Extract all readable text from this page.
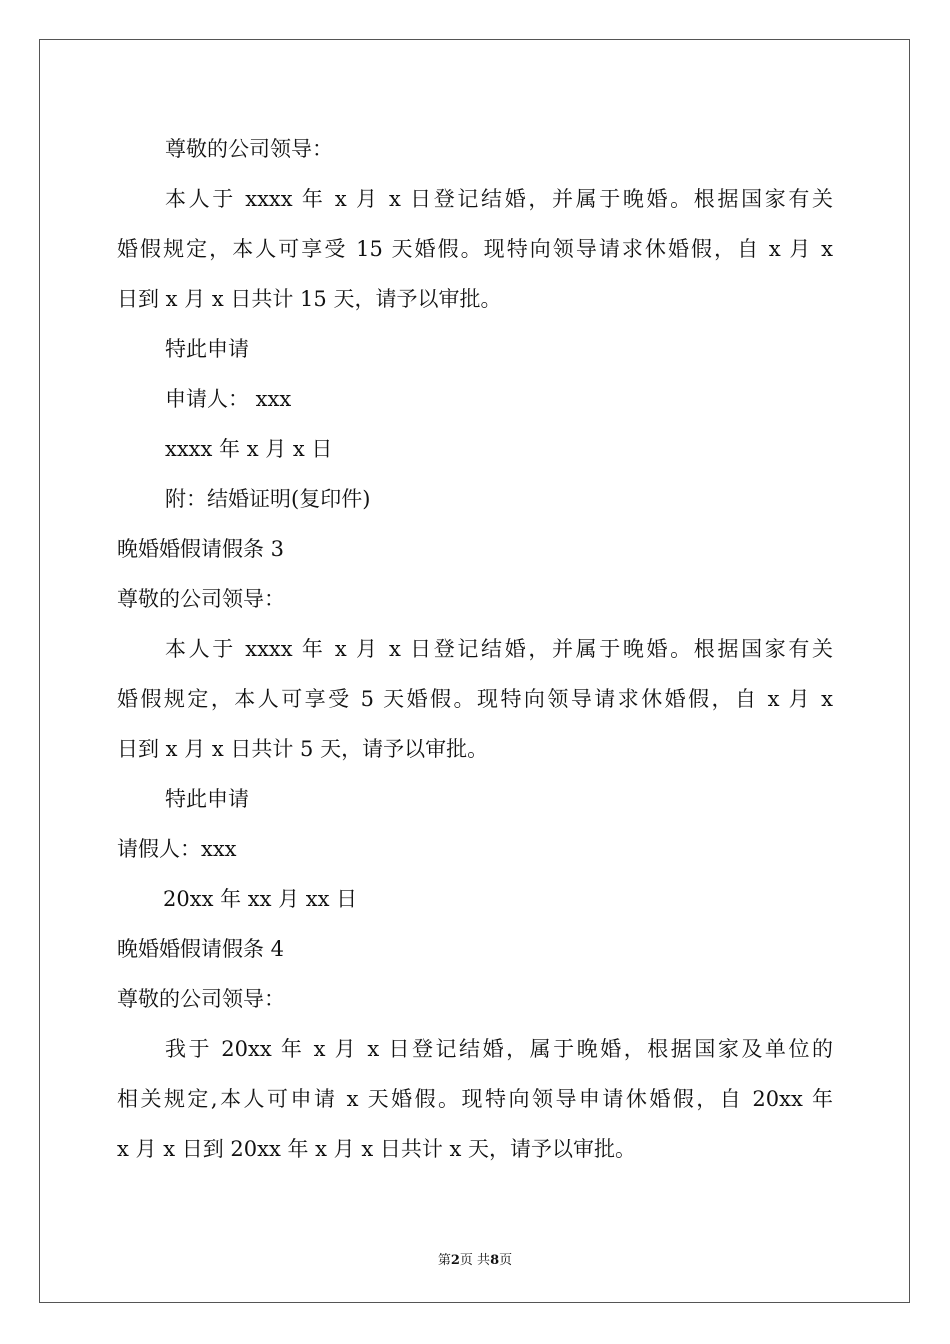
尊敬的公司领导：
本人于 xxxx 年 x 月 x 日登记结婚，并属于晚婚。根据国家有关
婚假规定，本人可享受 15 天婚假。现特向领导请求休婚假，自 x 月 x
日到 x 月 x 日共计 15 天，请予以审批。
特此申请
申请人： xxx
xxxx 年 x 月 x 日
附：结婚证明(复印件)
晚婚婚假请假条 3
尊敬的公司领导：
本人于 xxxx 年 x 月 x 日登记结婚，并属于晚婚。根据国家有关
婚假规定，本人可享受 5 天婚假。现特向领导请求休婚假，自 x 月 x
日到 x 月 x 日共计 5 天，请予以审批。
特此申请
请假人：xxx
20xx 年 xx 月 xx 日
晚婚婚假请假条 4
尊敬的公司领导：
我于 20xx 年 x 月 x 日登记结婚，属于晚婚，根据国家及单位的
相关规定,本人可申请 x 天婚假。现特向领导申请休婚假，自 20xx 年
x 月 x 日到 20xx 年 x 月 x 日共计 x 天，请予以审批。
第2页 共8页
